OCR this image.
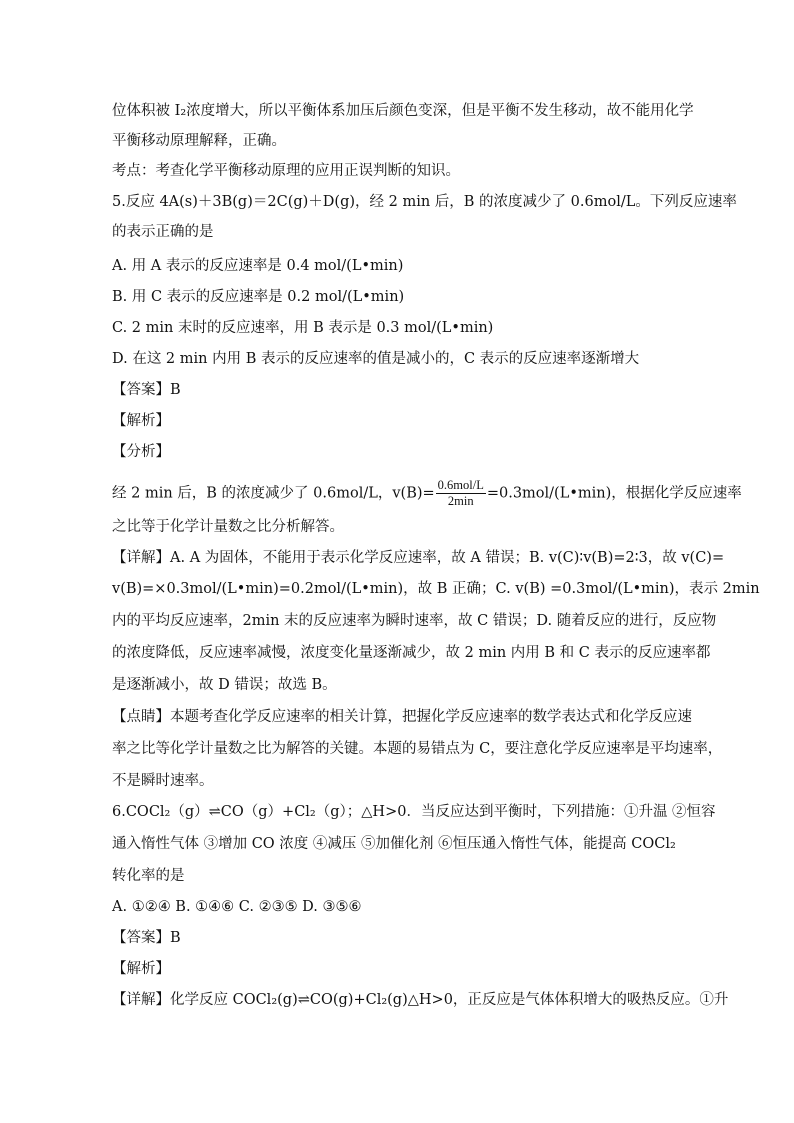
位体积被 I₂浓度增大，所以平衡体系加压后颜色变深，但是平衡不发生移动，故不能用化学
平衡移动原理解释，正确。
考点：考查化学平衡移动原理的应用正误判断的知识。
5.反应 4A(s)＋3B(g)＝2C(g)＋D(g)，经 2 min 后，B 的浓度减少了 0.6mol/L。下列反应速率
的表示正确的是
A. 用 A 表示的反应速率是 0.4 mol/(L•min)
B. 用 C 表示的反应速率是 0.2 mol/(L•min)
C. 2 min 末时的反应速率，用 B 表示是 0.3 mol/(L•min)
D. 在这 2 min 内用 B 表示的反应速率的值是减小的，C 表示的反应速率逐渐增大
【答案】B
【解析】
【分析】
经 2 min 后，B 的浓度减少了 0.6mol/L，$v(B)= \frac{\text{0.6mol/L}}{2\min}$ =0.3mol/(L•min)，根据化学反应速率
之比等于化学计量数之比分析解答。
【详解】A. A 为固体，不能用于表示化学反应速率，故 A 错误；B. v(C)∶v(B)=2∶3，故 v(C)=
v(B)=×0.3mol/(L•min)=0.2mol/(L•min)，故 B 正确；C. v(B) =0.3mol/(L•min)，表示 2min
内的平均反应速率，2min 末的反应速率为瞬时速率，故 C 错误；D. 随着反应的进行，反应物
的浓度降低，反应速率减慢，浓度变化量逐渐减少，故 2 min 内用 B 和 C 表示的反应速率都
是逐渐减小，故 D 错误；故选 B。
【点睛】本题考查化学反应速率的相关计算，把握化学反应速率的数学表达式和化学反应速
率之比等化学计量数之比为解答的关键。本题的易错点为 C，要注意化学反应速率是平均速率，
不是瞬时速率。
6.COCl₂（g）⇌CO（g）+Cl₂（g）；△H>0．当反应达到平衡时，下列措施：①升温 ②恒容
通入惰性气体 ③增加 CO 浓度 ④减压 ⑤加催化剂 ⑥恒压通入惰性气体，能提高 COCl₂
转化率的是
A. ①②④ B. ①④⑥ C. ②③⑤ D. ③⑤⑥
【答案】B
【解析】
【详解】化学反应 COCl₂(g)⇌CO(g)+Cl₂(g)△H>0，正反应是气体体积增大的吸热反应。①升
